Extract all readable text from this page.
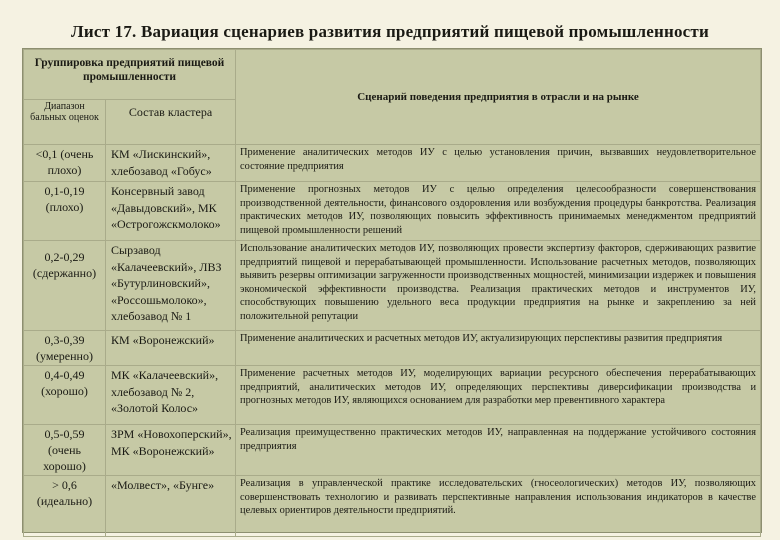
Лист 17. Вариация сценариев развития предприятий пищевой промышленности
Группировка предприятий пищевой промышленности		Сценарий поведения предприятия в отрасли и на рынке
Диапазон бальных оценок	Состав кластера	
<0,1 (очень плохо)	КМ «Лискинский», хлебозавод «Гобус»	Применение аналитических методов ИУ с целью установления причин, вызвавших неудовлетворительное состояние предприятия
0,1-0,19 (плохо)	Консервный завод «Давыдовский», МК «Острогожскмолоко»	Применение прогнозных методов ИУ с целью определения целесообразности совершенствования производственной деятельности, финансового оздоровления или возбуждения процедуры банкротства. Реализация практических методов ИУ, позволяющих повысить эффективность принимаемых менеджментом предприятий пищевой промышленности решений
0,2-0,29 (сдержанно)	Сырзавод «Калачеевский», ЛВЗ «Бутурлиновский», «Россошьмолоко», хлебозавод № 1	Использование аналитических методов ИУ, позволяющих провести экспертизу факторов, сдерживающих развитие предприятий пищевой и перерабатывающей промышленности. Использование расчетных методов, позволяющих выявить резервы оптимизации загруженности производственных мощностей, минимизации издержек и повышения экономической эффективности производства. Реализация практических методов и инструментов ИУ, способствующих повышению удельного веса продукции предприятия на рынке и закреплению за ней положительной репутации
0,3-0,39 (умеренно)	КМ «Воронежский»	Применение аналитических и расчетных методов ИУ, актуализирующих перспективы развития предприятия
0,4-0,49 (хорошо)	МК «Калачеевский», хлебозавод № 2, «Золотой Колос»	Применение расчетных методов ИУ, моделирующих вариации ресурсного обеспечения перерабатывающих предприятий, аналитических методов ИУ, определяющих перспективы диверсификации производства и прогнозных методов ИУ, являющихся основанием для разработки мер превентивного характера
0,5-0,59 (очень хорошо)	ЗРМ «Новохоперский», МК «Воронежский»	Реализация преимущественно практических методов ИУ, направленная на поддержание устойчивого состояния предприятия
> 0,6 (идеально)	«Молвест», «Бунге»	Реализация в управленческой практике исследовательских (гносеологических) методов ИУ, позволяющих совершенствовать технологию и развивать перспективные направления использования индикаторов в качестве целевых ориентиров деятельности предприятий.
